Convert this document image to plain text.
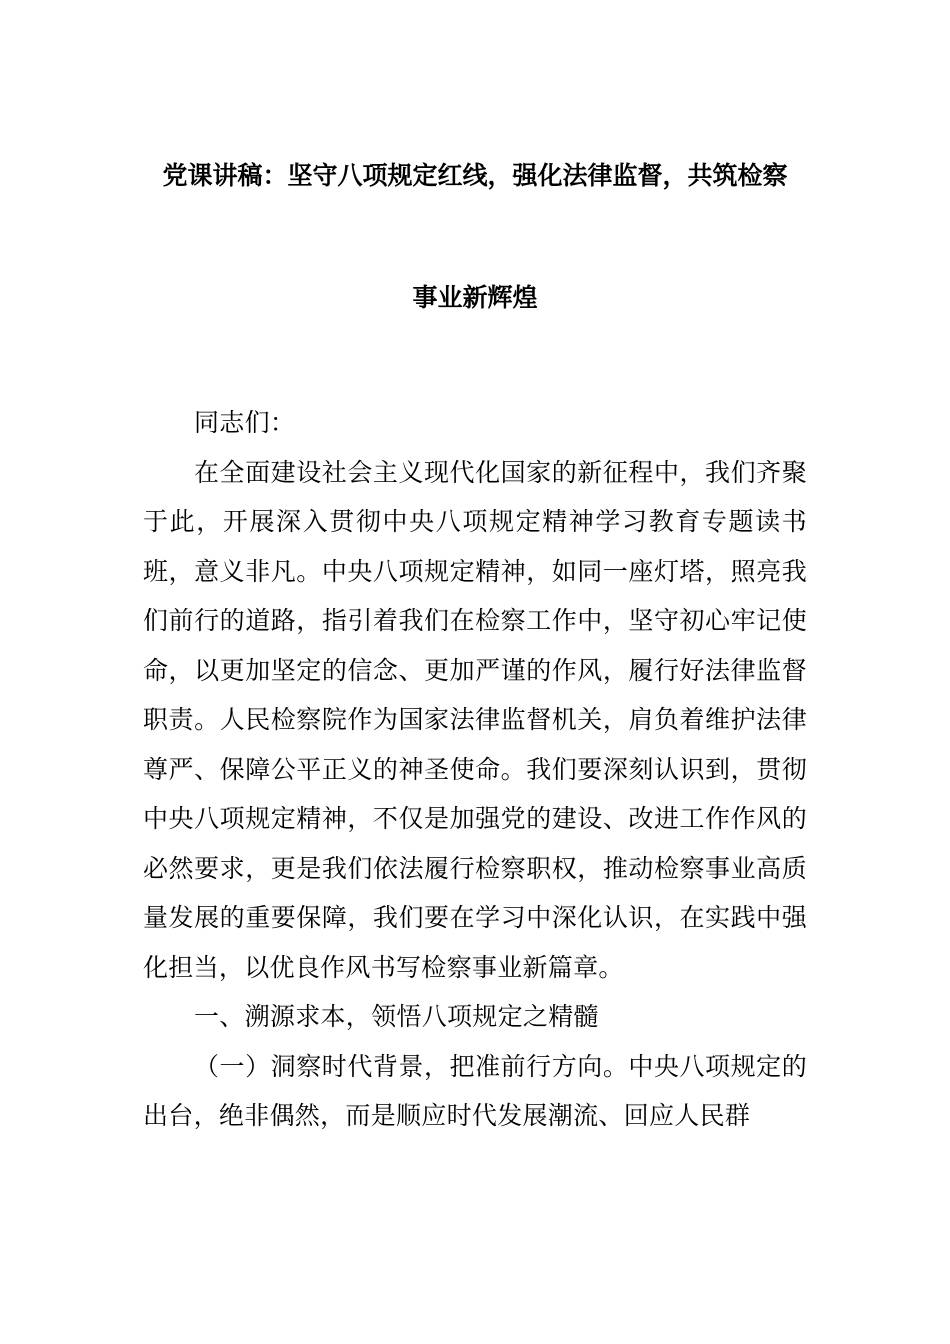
党课讲稿：坚守八项规定红线，强化法律监督，共筑检察
事业新辉煌

同志们：

在全面建设社会主义现代化国家的新征程中，我们齐聚于此，开展深入贯彻中央八项规定精神学习教育专题读书班，意义非凡。中央八项规定精神，如同一座灯塔，照亮我们前行的道路，指引着我们在检察工作中，坚守初心牢记使命，以更加坚定的信念、更加严谨的作风，履行好法律监督职责。人民检察院作为国家法律监督机关，肩负着维护法律尊严、保障公平正义的神圣使命。我们要深刻认识到，贯彻中央八项规定精神，不仅是加强党的建设、改进工作作风的必然要求，更是我们依法履行检察职权，推动检察事业高质量发展的重要保障，我们要在学习中深化认识，在实践中强化担当，以优良作风书写检察事业新篇章。

一、溯源求本，领悟八项规定之精髓

（一）洞察时代背景，把准前行方向。中央八项规定的出台，绝非偶然，而是顺应时代发展潮流、回应人民群
